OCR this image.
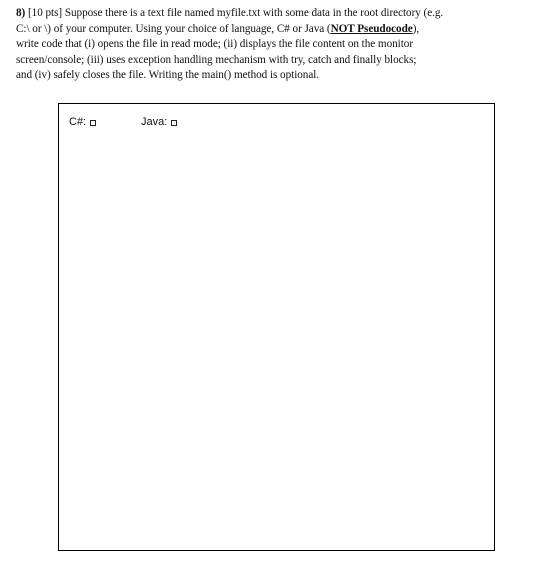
8) [10 pts] Suppose there is a text file named myfile.txt with some data in the root directory (e.g.
C:\ or \) of your computer. Using your choice of language, C# or Java (NOT Pseudocode),
write code that (i) opens the file in read mode; (ii) displays the file content on the monitor
screen/console; (iii) uses exception handling mechanism with try, catch and finally blocks;
and (iv) safely closes the file. Writing the main() method is optional.
C#:	Java:
